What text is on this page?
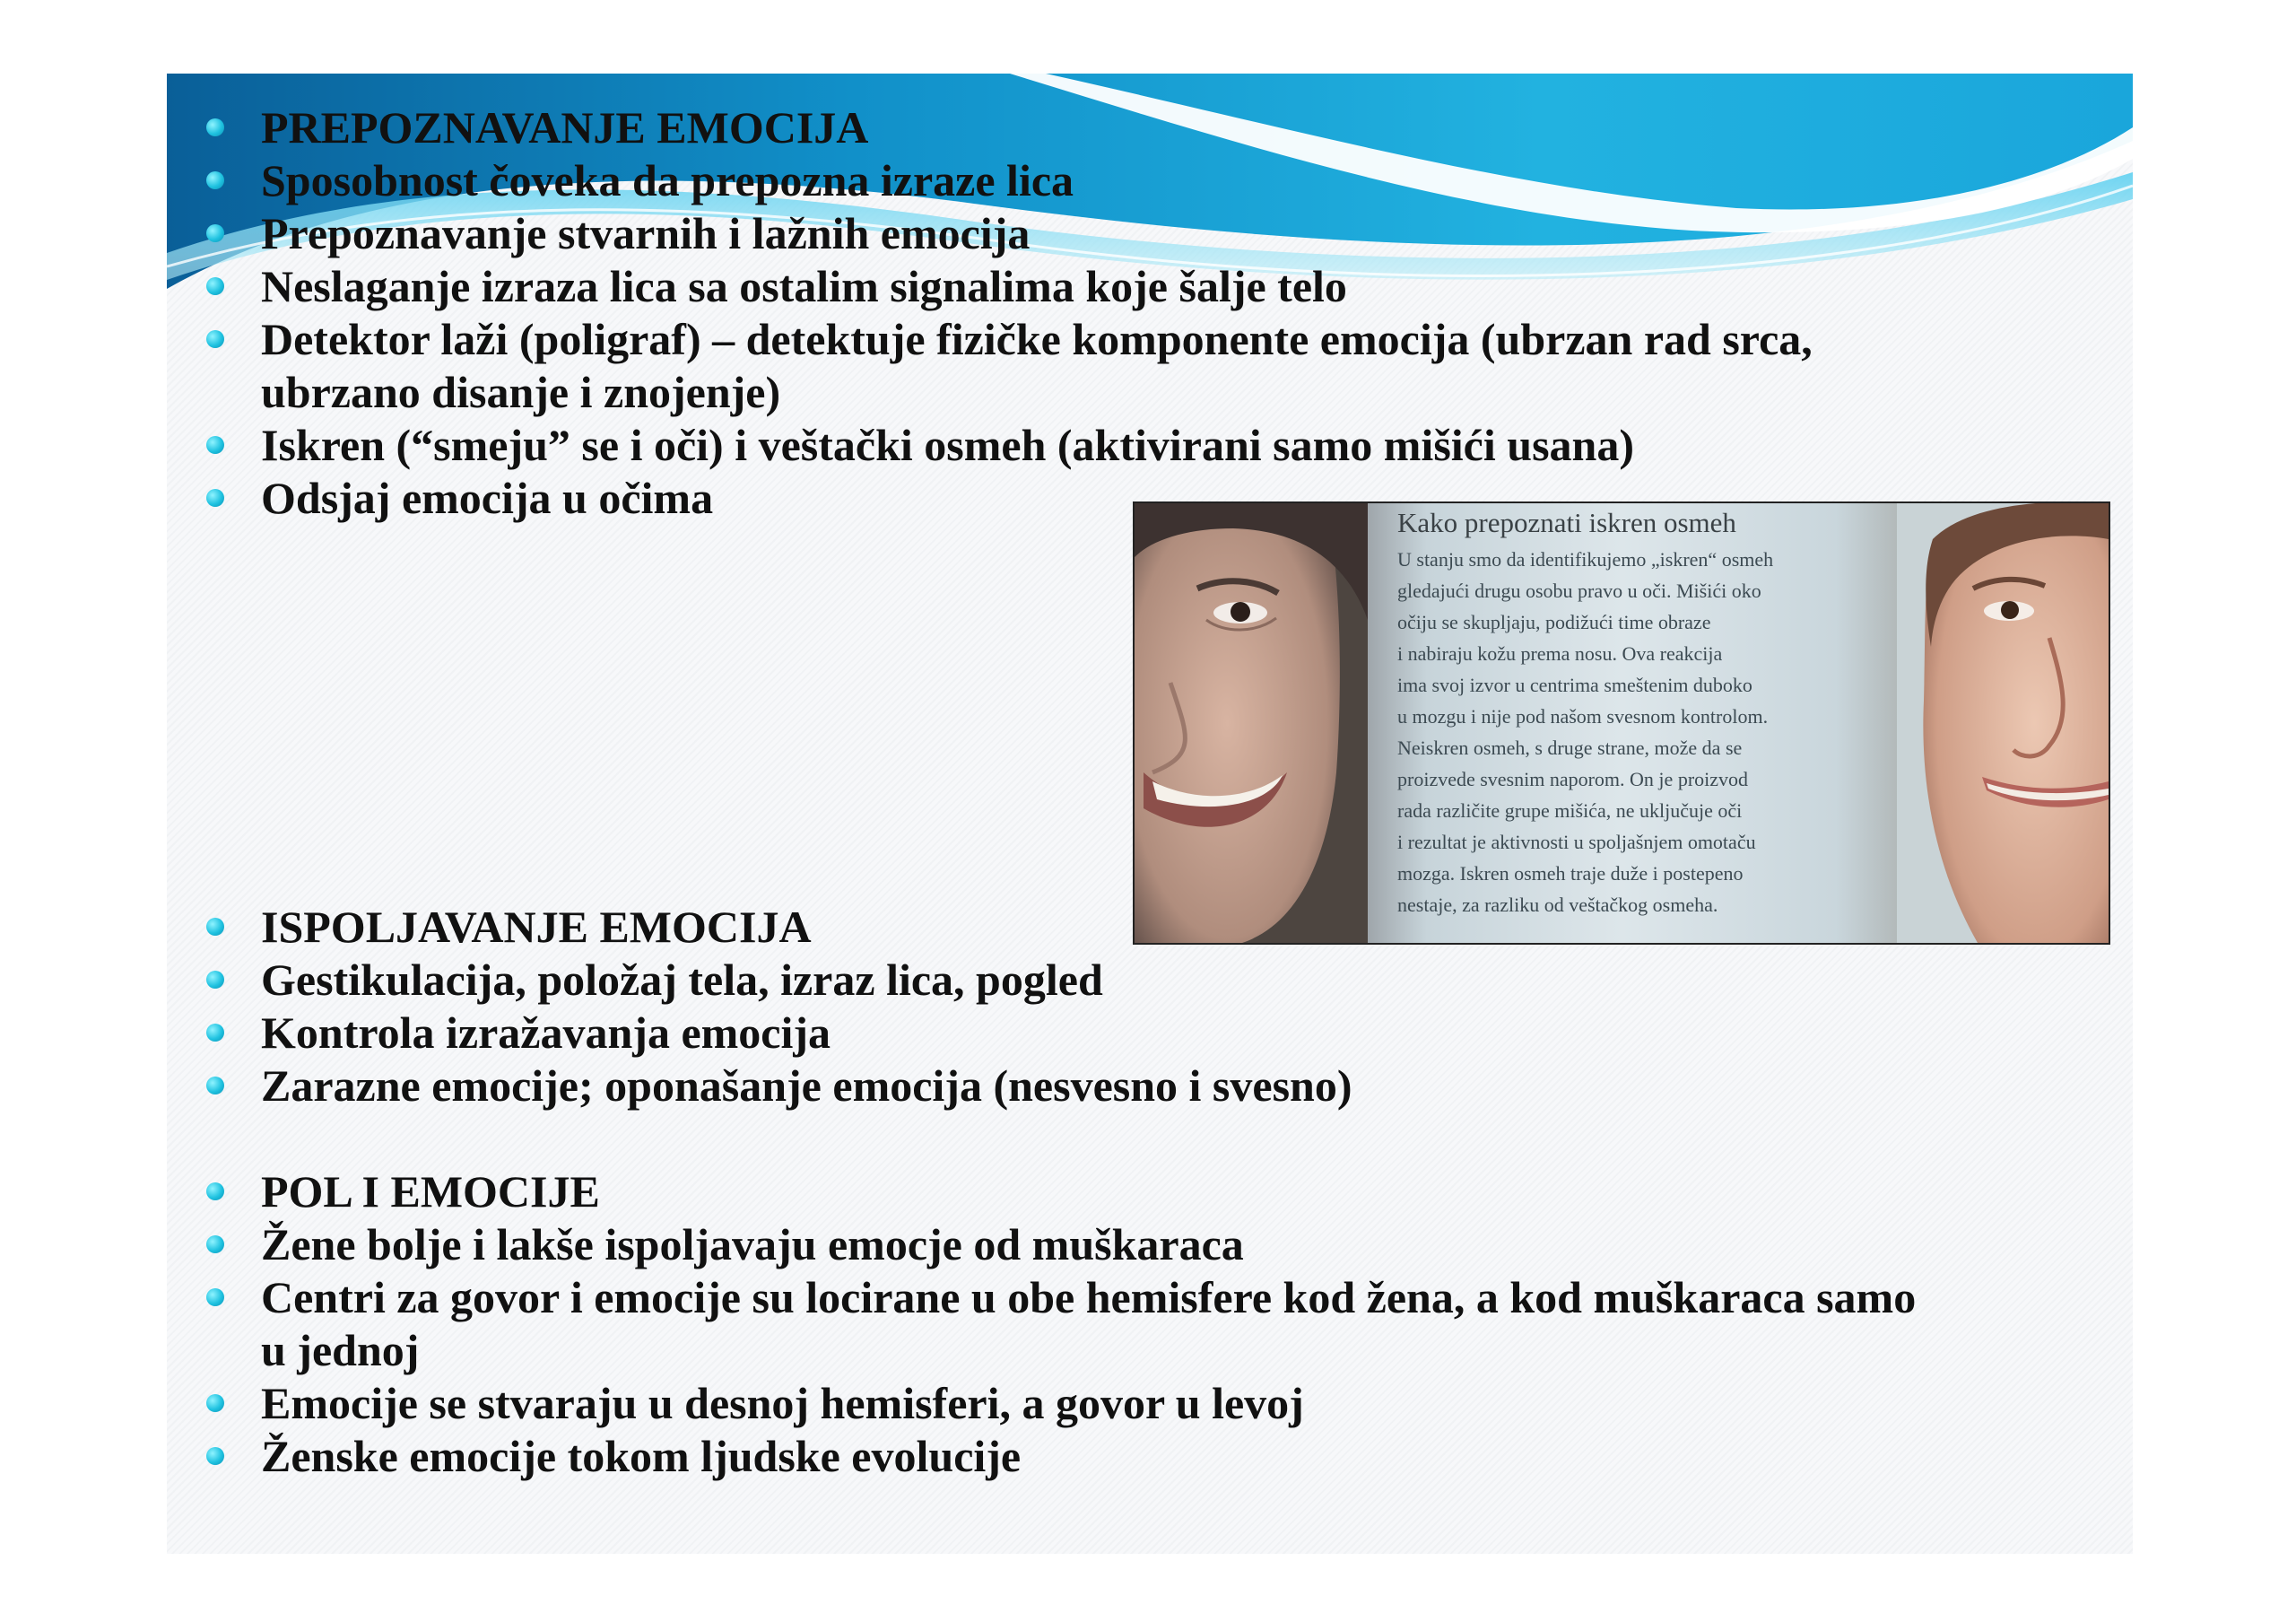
PREPOZNAVANJE EMOCIJA
Sposobnost čoveka da prepozna izraze lica
Prepoznavanje stvarnih i lažnih emocija
Neslaganje izraza lica sa ostalim signalima koje šalje telo
Detektor laži (poligraf) – detektuje fizičke komponente emocija (ubrzan rad srca,
ubrzano disanje i znojenje)
Iskren (“smeju” se i oči) i veštački osmeh (aktivirani samo mišići usana)
Odsjaj emocija u očima
ISPOLJAVANJE EMOCIJA
Gestikulacija, položaj tela, izraz lica, pogled
Kontrola izražavanja emocija
Zarazne emocije; oponašanje emocija (nesvesno i svesno)
POL I EMOCIJE
Žene bolje i lakše ispoljavaju emocje od muškaraca
Centri za govor i emocije su locirane u obe hemisfere kod žena, a kod muškaraca samo
u jednoj
Emocije se stvaraju u desnoj hemisferi, a govor u levoj
Ženske emocije tokom ljudske evolucije
Kako prepoznati iskren osmeh
U stanju smo da identifikujemo „iskren“ osmeh
gledajući drugu osobu pravo u oči. Mišići oko
očiju se skupljaju, podižući time obraze
i nabiraju kožu prema nosu. Ova reakcija
ima svoj izvor u centrima smeštenim duboko
u mozgu i nije pod našom svesnom kontrolom.
Neiskren osmeh, s druge strane, može da se
proizvede svesnim naporom. On je proizvod
rada različite grupe mišića, ne uključuje oči
i rezultat je aktivnosti u spoljašnjem omotaču
mozga. Iskren osmeh traje duže i postepeno
nestaje, za razliku od veštačkog osmeha.
